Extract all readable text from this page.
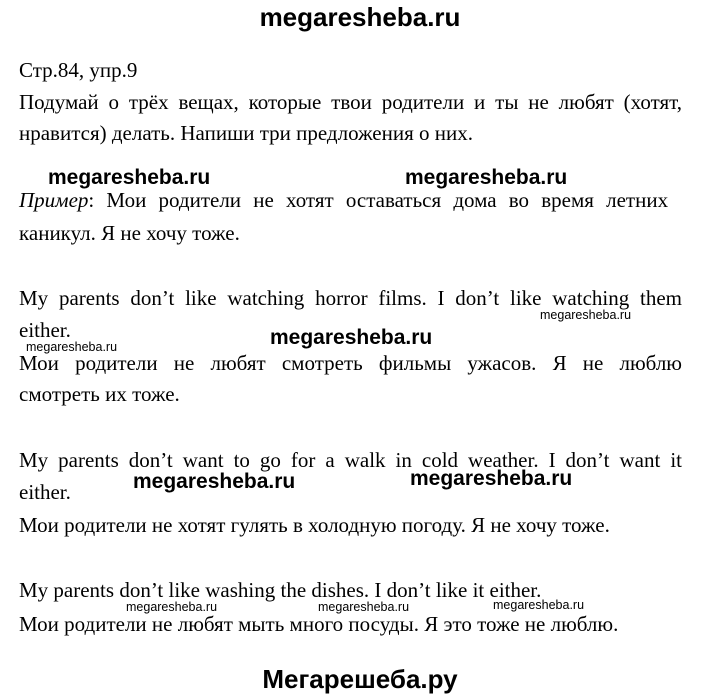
megaresheba.ru
Стр.84, упр.9
Подумай о трёх вещах, которые твои родители и ты не любят (хотят,
нравится) делать. Напиши три предложения о них.
megaresheba.ru	megaresheba.ru
Пример: Мои родители не хотят оставаться дома во время летних
каникул. Я не хочу тоже.
My parents don’t like watching horror films. I don’t like watching them
either.
megaresheba.ru
megaresheba.ru
megaresheba.ru
Мои родители не любят смотреть фильмы ужасов. Я не люблю
смотреть их тоже.
My parents don’t want to go for a walk in cold weather. I don’t want it
either.	megaresheba.ru	megaresheba.ru
Мои родители не хотят гулять в холодную погоду. Я не хочу тоже.
My parents don’t like washing the dishes. I don’t like it either.
megaresheba.ru	megaresheba.ru	megaresheba.ru
Мои родители не любят мыть много посуды. Я это тоже не люблю.
Мегарешеба.ру
